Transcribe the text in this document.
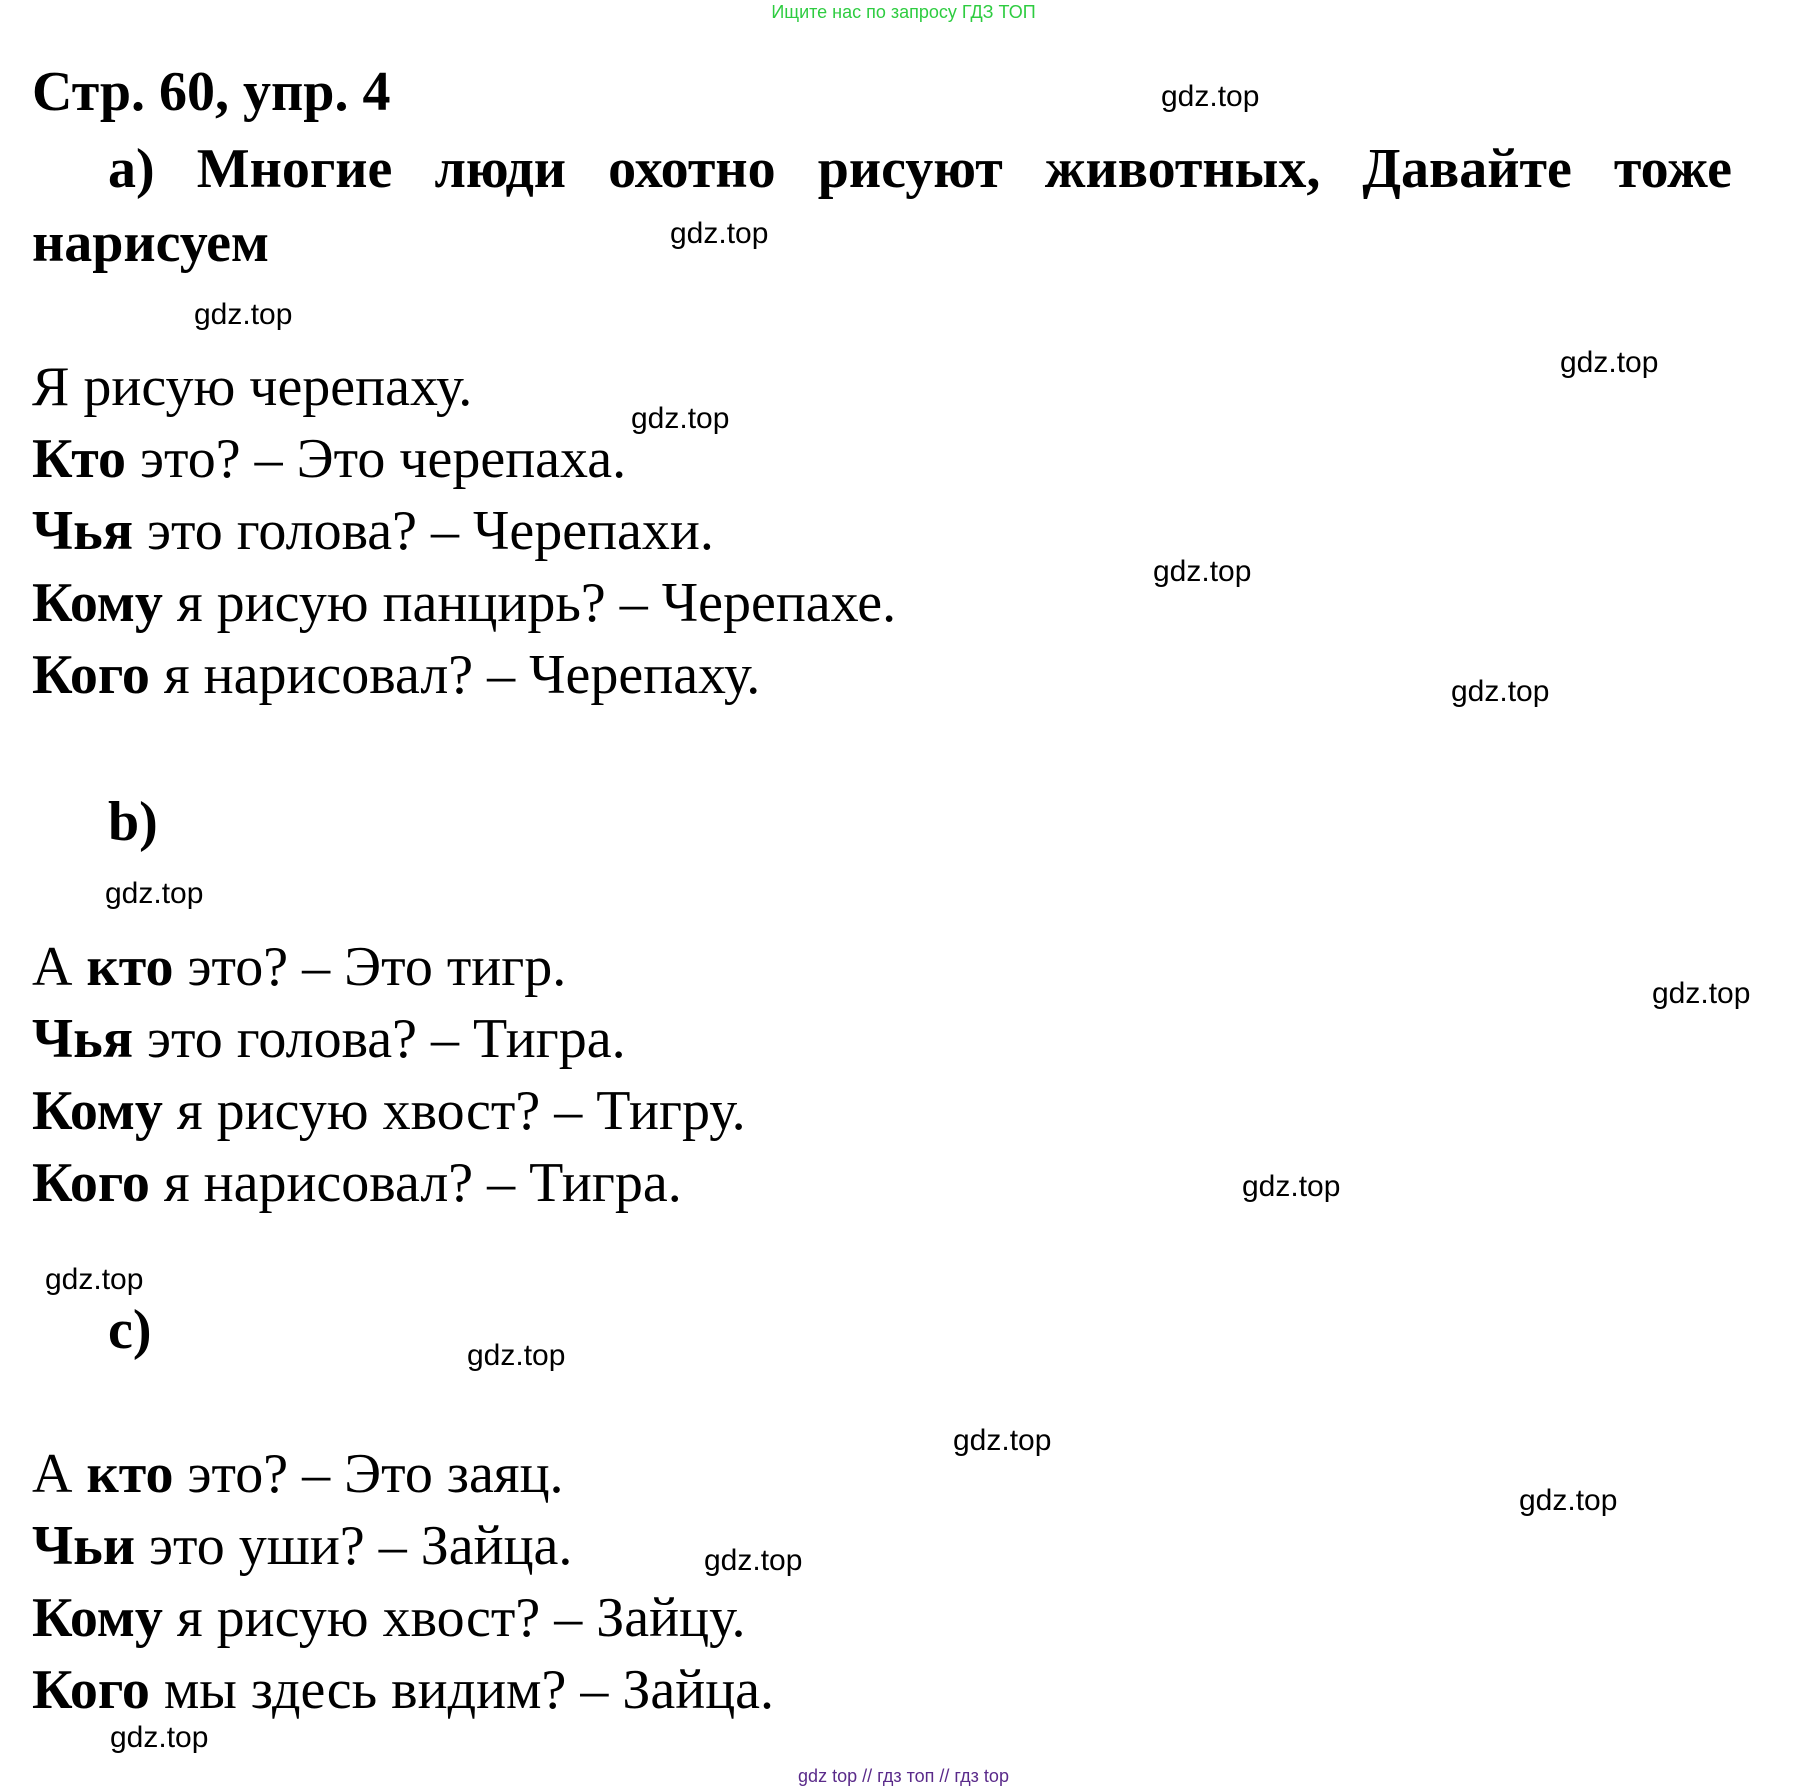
Ищите нас по запросу ГДЗ ТОП
Стр. 60, упр. 4
а) Многие люди охотно рисуют животных, Давайте тоже нарисуем
Я рисую черепаху.
Кто это? – Это черепаха.
Чья это голова? – Черепахи.
Кому я рисую панцирь? – Черепахе.
Кого я нарисовал? – Черепаху.
b)
А кто это? – Это тигр.
Чья это голова? – Тигра.
Кому я рисую хвост? – Тигру.
Кого я нарисовал? – Тигра.
c)
А кто это? – Это заяц.
Чьи это уши? – Зайца.
Кому я рисую хвост? – Зайцу.
Кого мы здесь видим? – Зайца.
gdz.top
gdz.top
gdz.top
gdz.top
gdz.top
gdz.top
gdz.top
gdz.top
gdz.top
gdz.top
gdz.top
gdz.top
gdz.top
gdz.top
gdz.top
gdz.top
gdz top // гдз топ // гдз top
